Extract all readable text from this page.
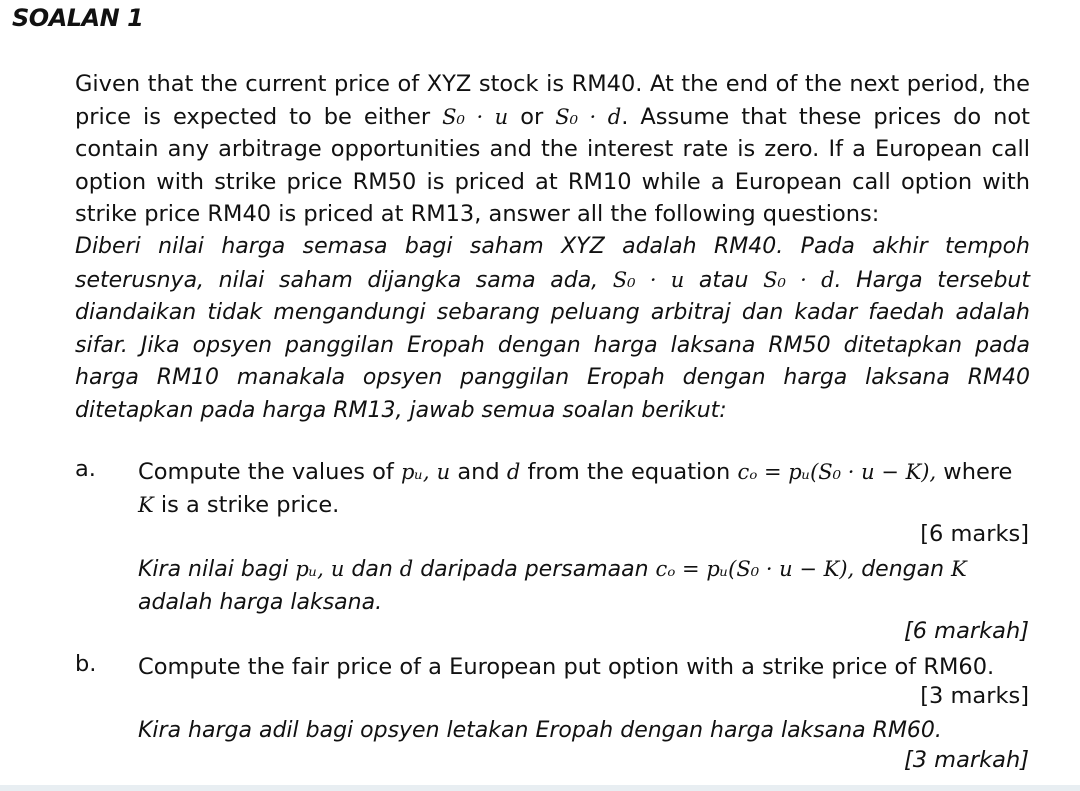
SOALAN 1
Given that the current price of XYZ stock is RM40. At the end of the next period, the price is expected to be either S₀ · u or S₀ · d. Assume that these prices do not contain any arbitrage opportunities and the interest rate is zero. If a European call option with strike price RM50 is priced at RM10 while a European call option with strike price RM40 is priced at RM13, answer all the following questions:
Diberi nilai harga semasa bagi saham XYZ adalah RM40. Pada akhir tempoh seterusnya, nilai saham dijangka sama ada, S₀ · u atau S₀ · d. Harga tersebut diandaikan tidak mengandungi sebarang peluang arbitraj dan kadar faedah adalah sifar. Jika opsyen panggilan Eropah dengan harga laksana RM50 ditetapkan pada harga RM10 manakala opsyen panggilan Eropah dengan harga laksana RM40 ditetapkan pada harga RM13, jawab semua soalan berikut:
a. Compute the values of pᵤ, u and d from the equation cₒ = pᵤ(S₀ · u − K), where K is a strike price.
[6 marks]
Kira nilai bagi pᵤ, u dan d daripada persamaan cₒ = pᵤ(S₀ · u − K), dengan K adalah harga laksana.
[6 markah]
b. Compute the fair price of a European put option with a strike price of RM60.
[3 marks]
Kira harga adil bagi opsyen letakan Eropah dengan harga laksana RM60.
[3 markah]
